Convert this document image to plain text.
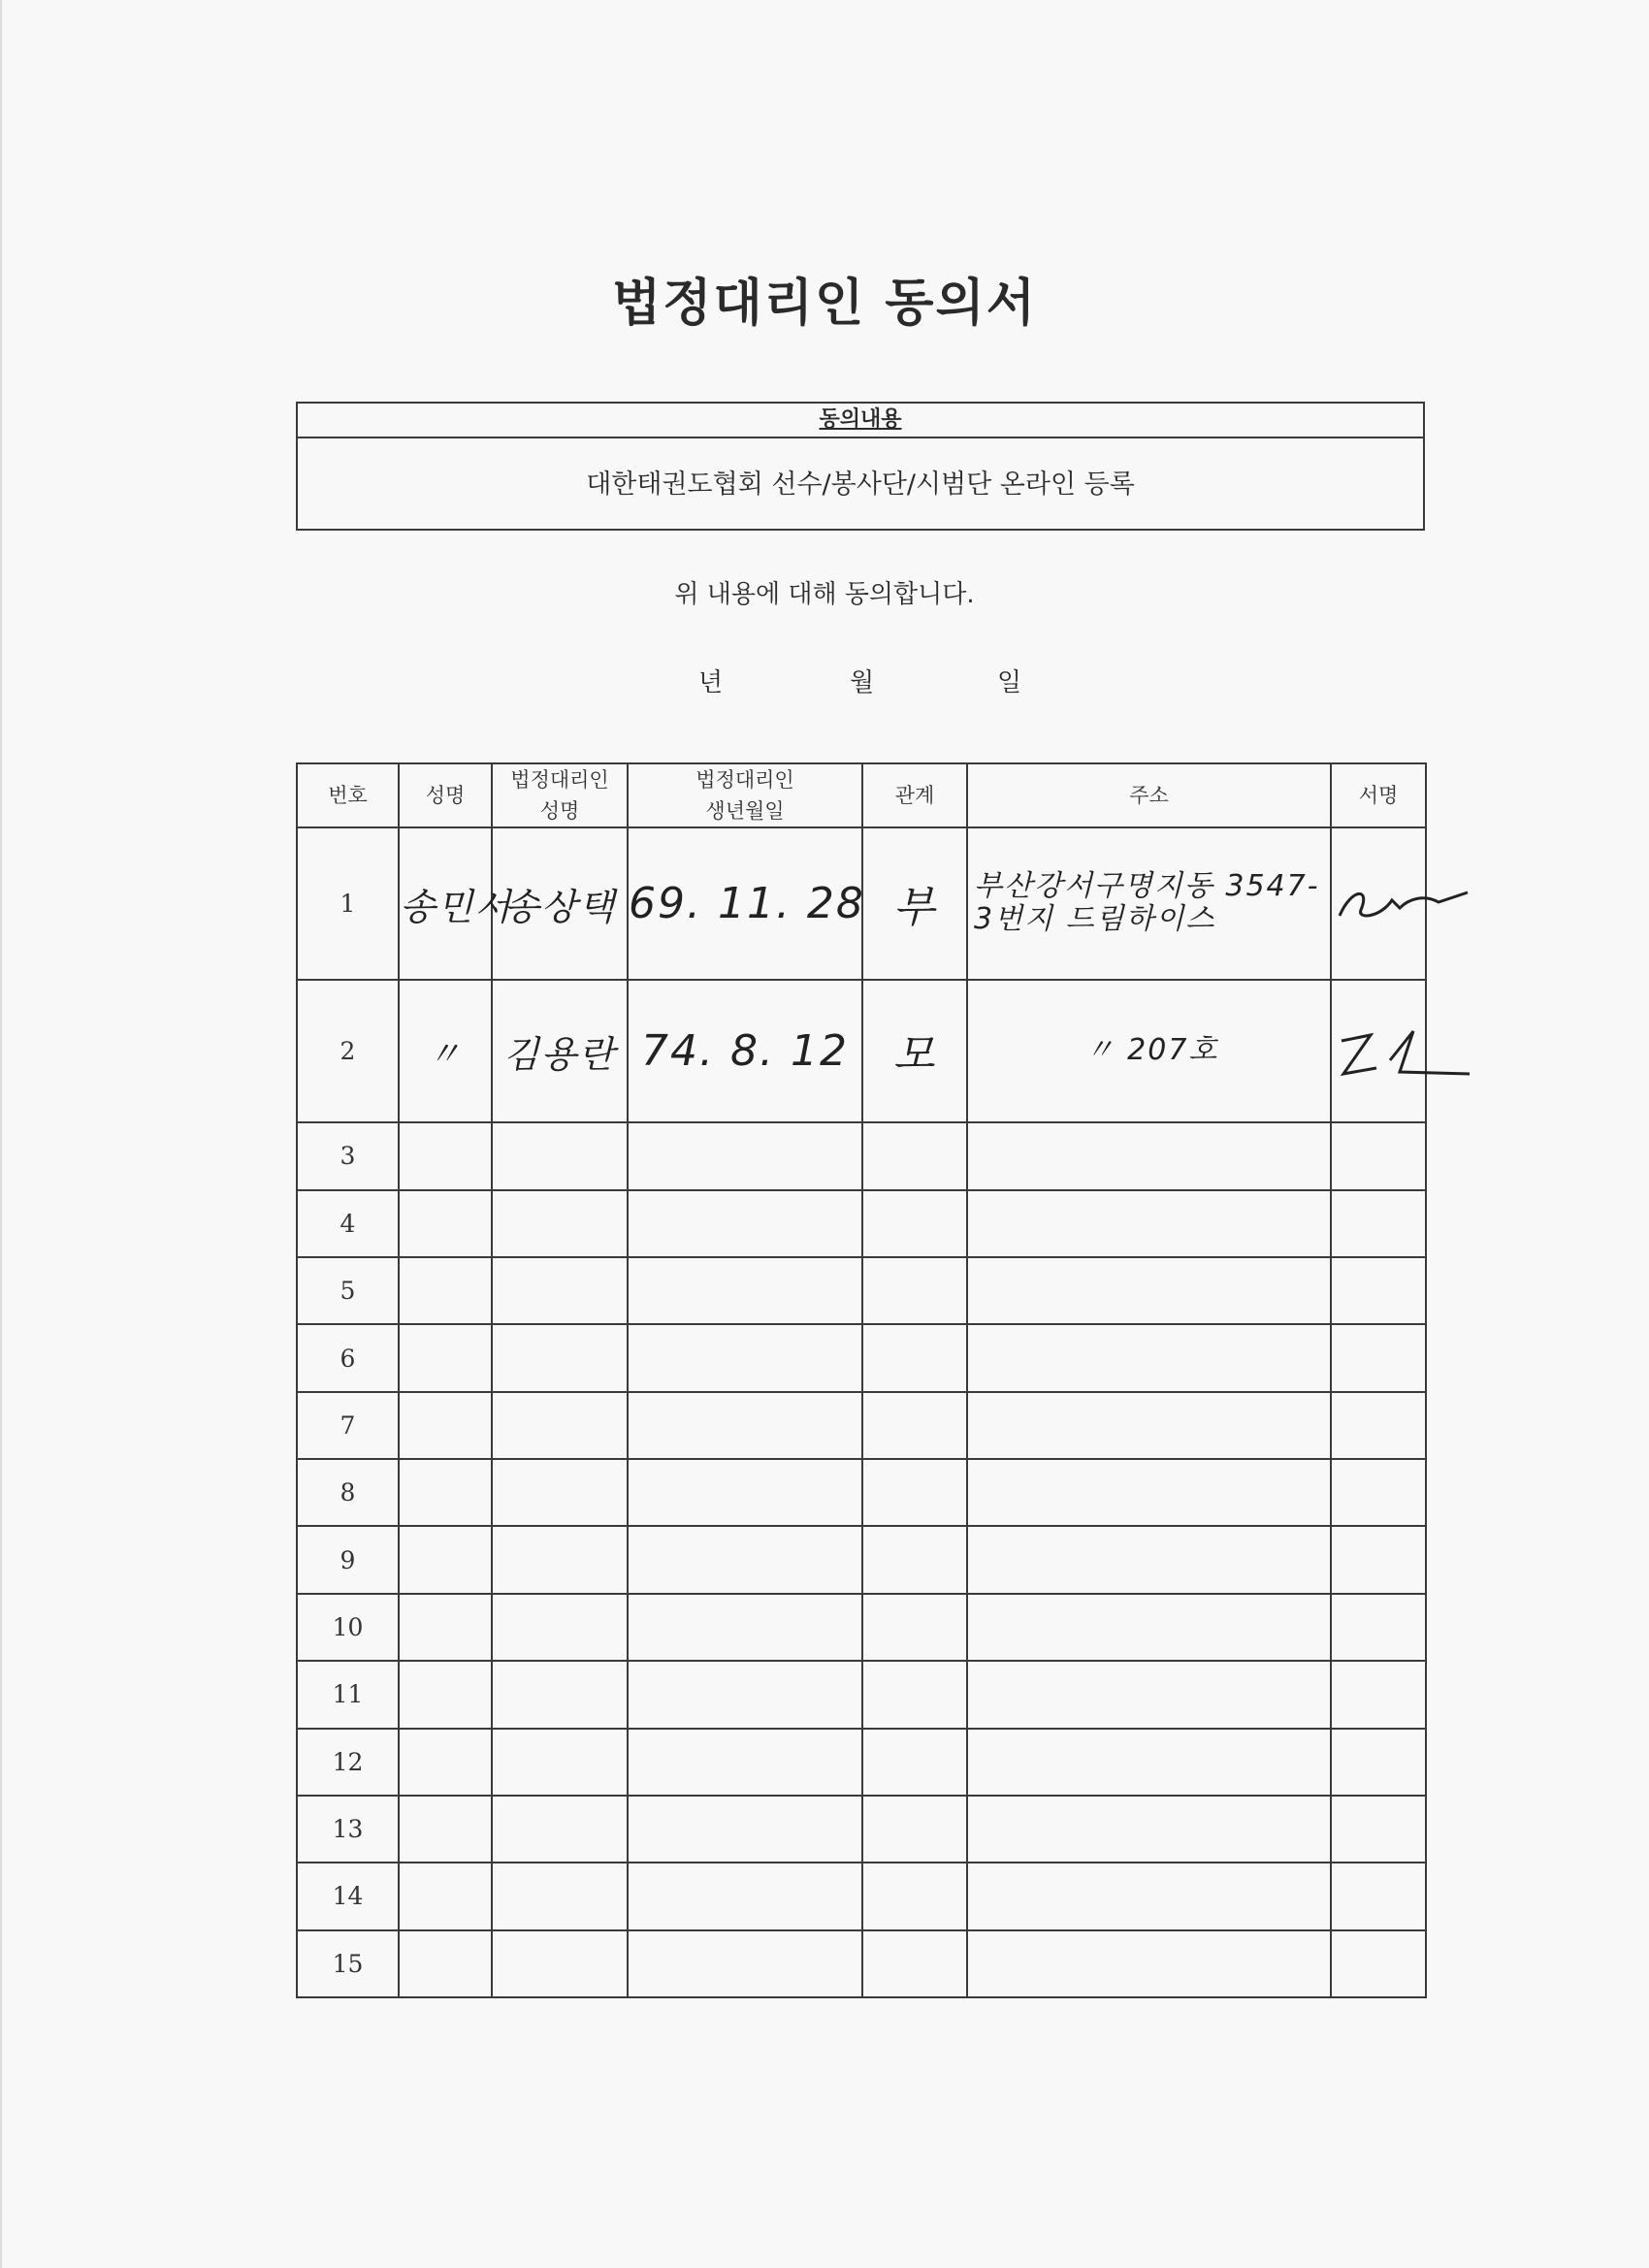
법정대리인 동의서
동의내용
대한태권도협회 선수/봉사단/시범단 온라인 등록
위 내용에 대해 동의합니다.
년	월	일
번호	성명	법정대리인 성명	법정대리인 생년월일	관계	주소	서명
1	송민서	송상택	69. 11. 28	부	부산강서구명지동 3547-3번지 드림하이스	

2	〃	김용란	74. 8. 12	모	〃 207호	

3						
4						
5						
6						
7						
8						
9						
10						
11						
12						
13						
14						
15						
